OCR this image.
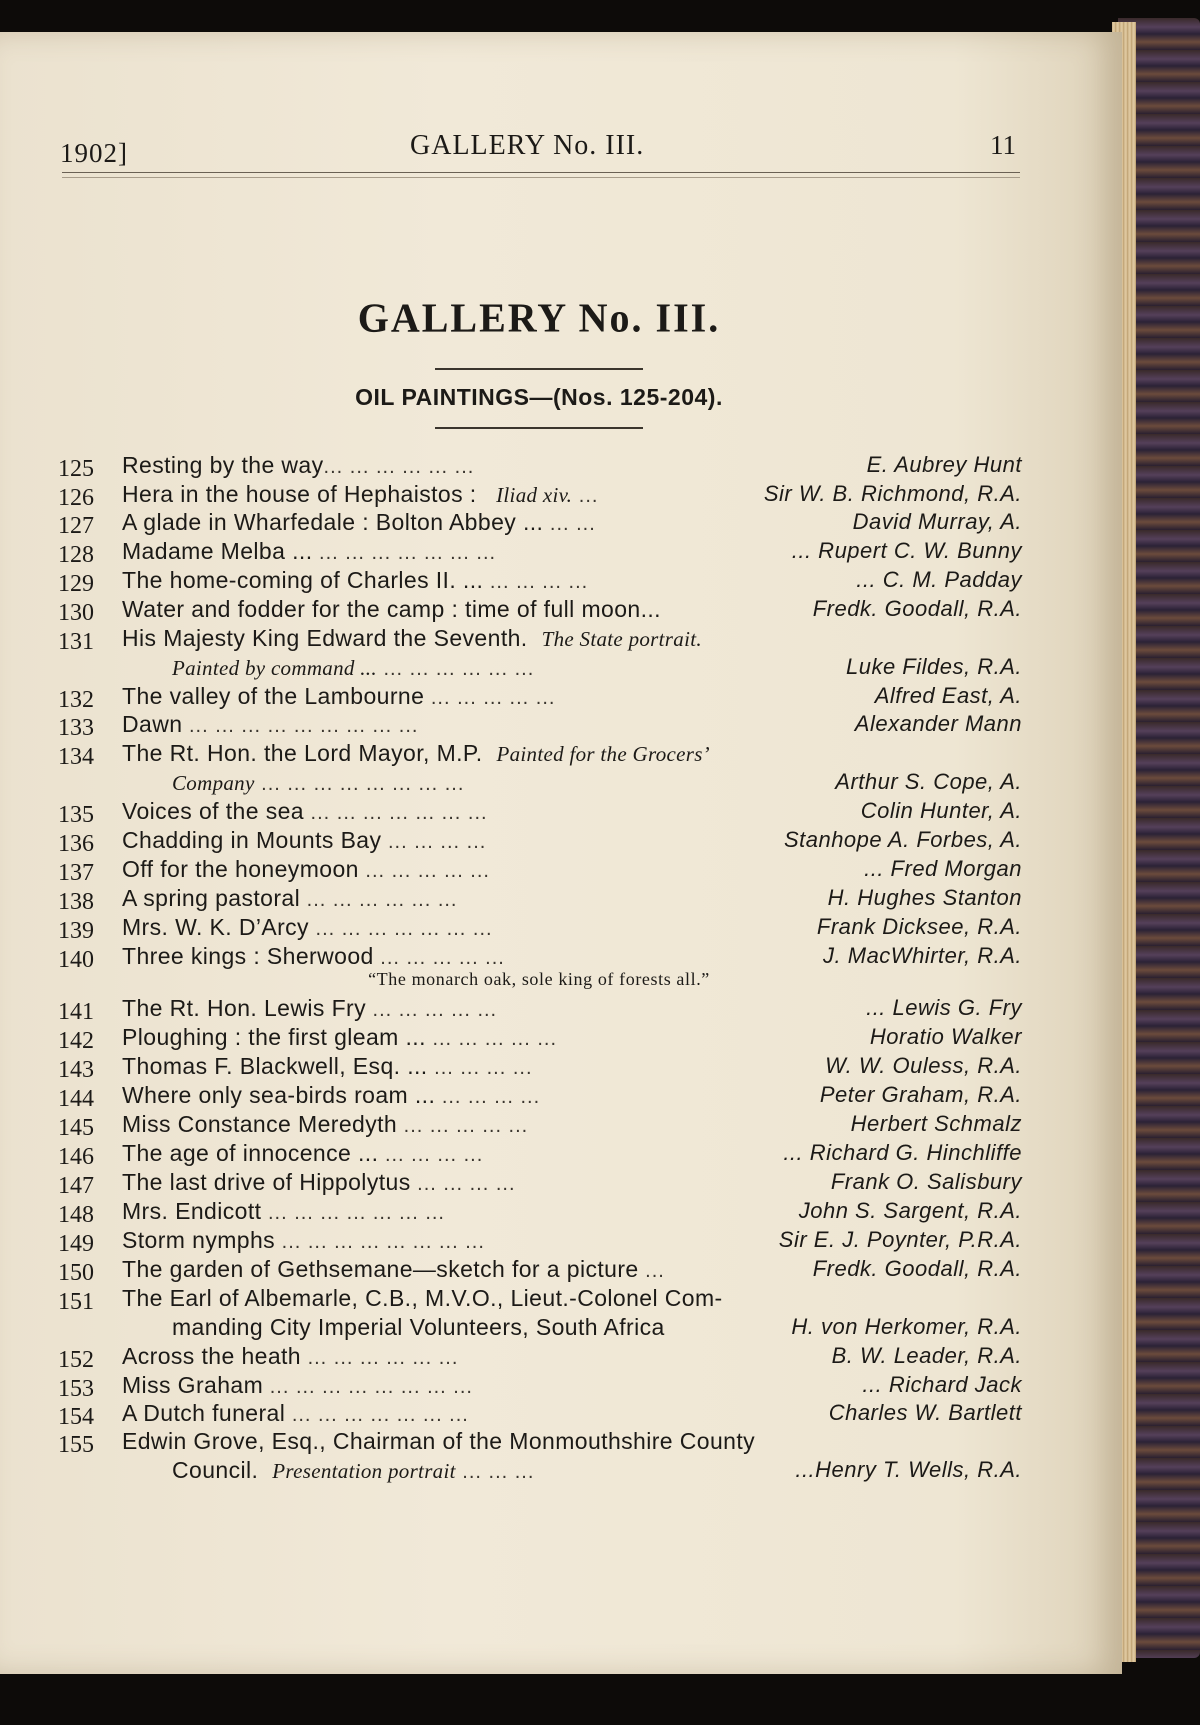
1902]	GALLERY No. III.	11
GALLERY No. III.
OIL PAINTINGS—(Nos. 125-204).
125	Resting by the way... ... ... ... ... ...	E. Aubrey Hunt
126	Hera in the house of Hephaistos : Iliad xiv. ...	Sir W. B. Richmond, R.A.
127	A glade in Wharfedale : Bolton Abbey ... ... ...	David Murray, A.
128	Madame Melba ... ... ... ... ... ... ... ...	... Rupert C. W. Bunny
129	The home-coming of Charles II. ... ... ... ... ...	... C. M. Padday
130	Water and fodder for the camp : time of full moon...	Fredk. Goodall, R.A.
131	His Majesty King Edward the Seventh. The State portrait.
Painted by command ... ... ... ... ... ... ...	Luke Fildes, R.A.
132	The valley of the Lambourne ... ... ... ... ...	Alfred East, A.
133	Dawn ... ... ... ... ... ... ... ... ...	Alexander Mann
134	The Rt. Hon. the Lord Mayor, M.P. Painted for the Grocers’
Company ... ... ... ... ... ... ... ...	Arthur S. Cope, A.
135	Voices of the sea ... ... ... ... ... ... ...	Colin Hunter, A.
136	Chadding in Mounts Bay ... ... ... ...	Stanhope A. Forbes, A.
137	Off for the honeymoon ... ... ... ... ...	... Fred Morgan
138	A spring pastoral ... ... ... ... ... ...	H. Hughes Stanton
139	Mrs. W. K. D’Arcy ... ... ... ... ... ... ...	Frank Dicksee, R.A.
140	Three kings : Sherwood ... ... ... ... ...	J. MacWhirter, R.A.
“The monarch oak, sole king of forests all.”
141	The Rt. Hon. Lewis Fry ... ... ... ... ...	... Lewis G. Fry
142	Ploughing : the first gleam ... ... ... ... ... ...	Horatio Walker
143	Thomas F. Blackwell, Esq. ... ... ... ... ...	W. W. Ouless, R.A.
144	Where only sea-birds roam ... ... ... ... ...	Peter Graham, R.A.
145	Miss Constance Meredyth ... ... ... ... ...	Herbert Schmalz
146	The age of innocence ... ... ... ... ...	... Richard G. Hinchliffe
147	The last drive of Hippolytus ... ... ... ...	Frank O. Salisbury
148	Mrs. Endicott ... ... ... ... ... ... ...	John S. Sargent, R.A.
149	Storm nymphs ... ... ... ... ... ... ... ...	Sir E. J. Poynter, P.R.A.
150	The garden of Gethsemane—sketch for a picture ...	Fredk. Goodall, R.A.
151	The Earl of Albemarle, C.B., M.V.O., Lieut.-Colonel Com-
manding City Imperial Volunteers, South Africa	H. von Herkomer, R.A.
152	Across the heath ... ... ... ... ... ...	B. W. Leader, R.A.
153	Miss Graham ... ... ... ... ... ... ... ...	... Richard Jack
154	A Dutch funeral ... ... ... ... ... ... ...	Charles W. Bartlett
155	Edwin Grove, Esq., Chairman of the Monmouthshire County
Council. Presentation portrait ... ... ...	...Henry T. Wells, R.A.
